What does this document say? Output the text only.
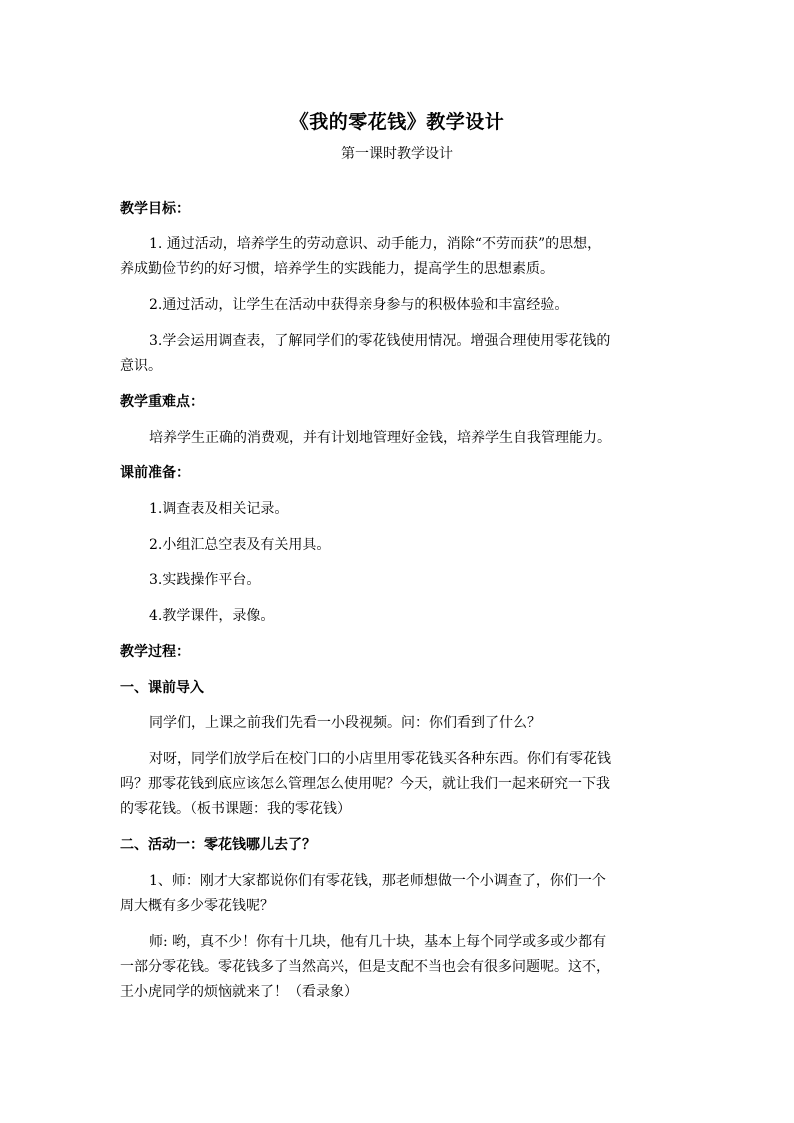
《我的零花钱》教学设计
第一课时教学设计
教学目标：
1. 通过活动，培养学生的劳动意识、动手能力，消除“不劳而获”的思想，
养成勤俭节约的好习惯，培养学生的实践能力，提高学生的思想素质。
2.通过活动，让学生在活动中获得亲身参与的积极体验和丰富经验。
3.学会运用调查表，了解同学们的零花钱使用情况。增强合理使用零花钱的
意识。
教学重难点：
培养学生正确的消费观，并有计划地管理好金钱，培养学生自我管理能力。
课前准备：
1.调查表及相关记录。
2.小组汇总空表及有关用具。
3.实践操作平台。
4.教学课件，录像。
教学过程：
一、课前导入
同学们，上课之前我们先看一小段视频。问：你们看到了什么？
对呀，同学们放学后在校门口的小店里用零花钱买各种东西。你们有零花钱
吗？那零花钱到底应该怎么管理怎么使用呢？今天，就让我们一起来研究一下我
的零花钱。（板书课题：我的零花钱）
二、活动一：零花钱哪儿去了？
1、师：刚才大家都说你们有零花钱，那老师想做一个小调查了，你们一个
周大概有多少零花钱呢？
师: 哟，真不少！你有十几块，他有几十块，基本上每个同学或多或少都有
一部分零花钱。零花钱多了当然高兴，但是支配不当也会有很多问题呢。这不，
王小虎同学的烦恼就来了！（看录象）
